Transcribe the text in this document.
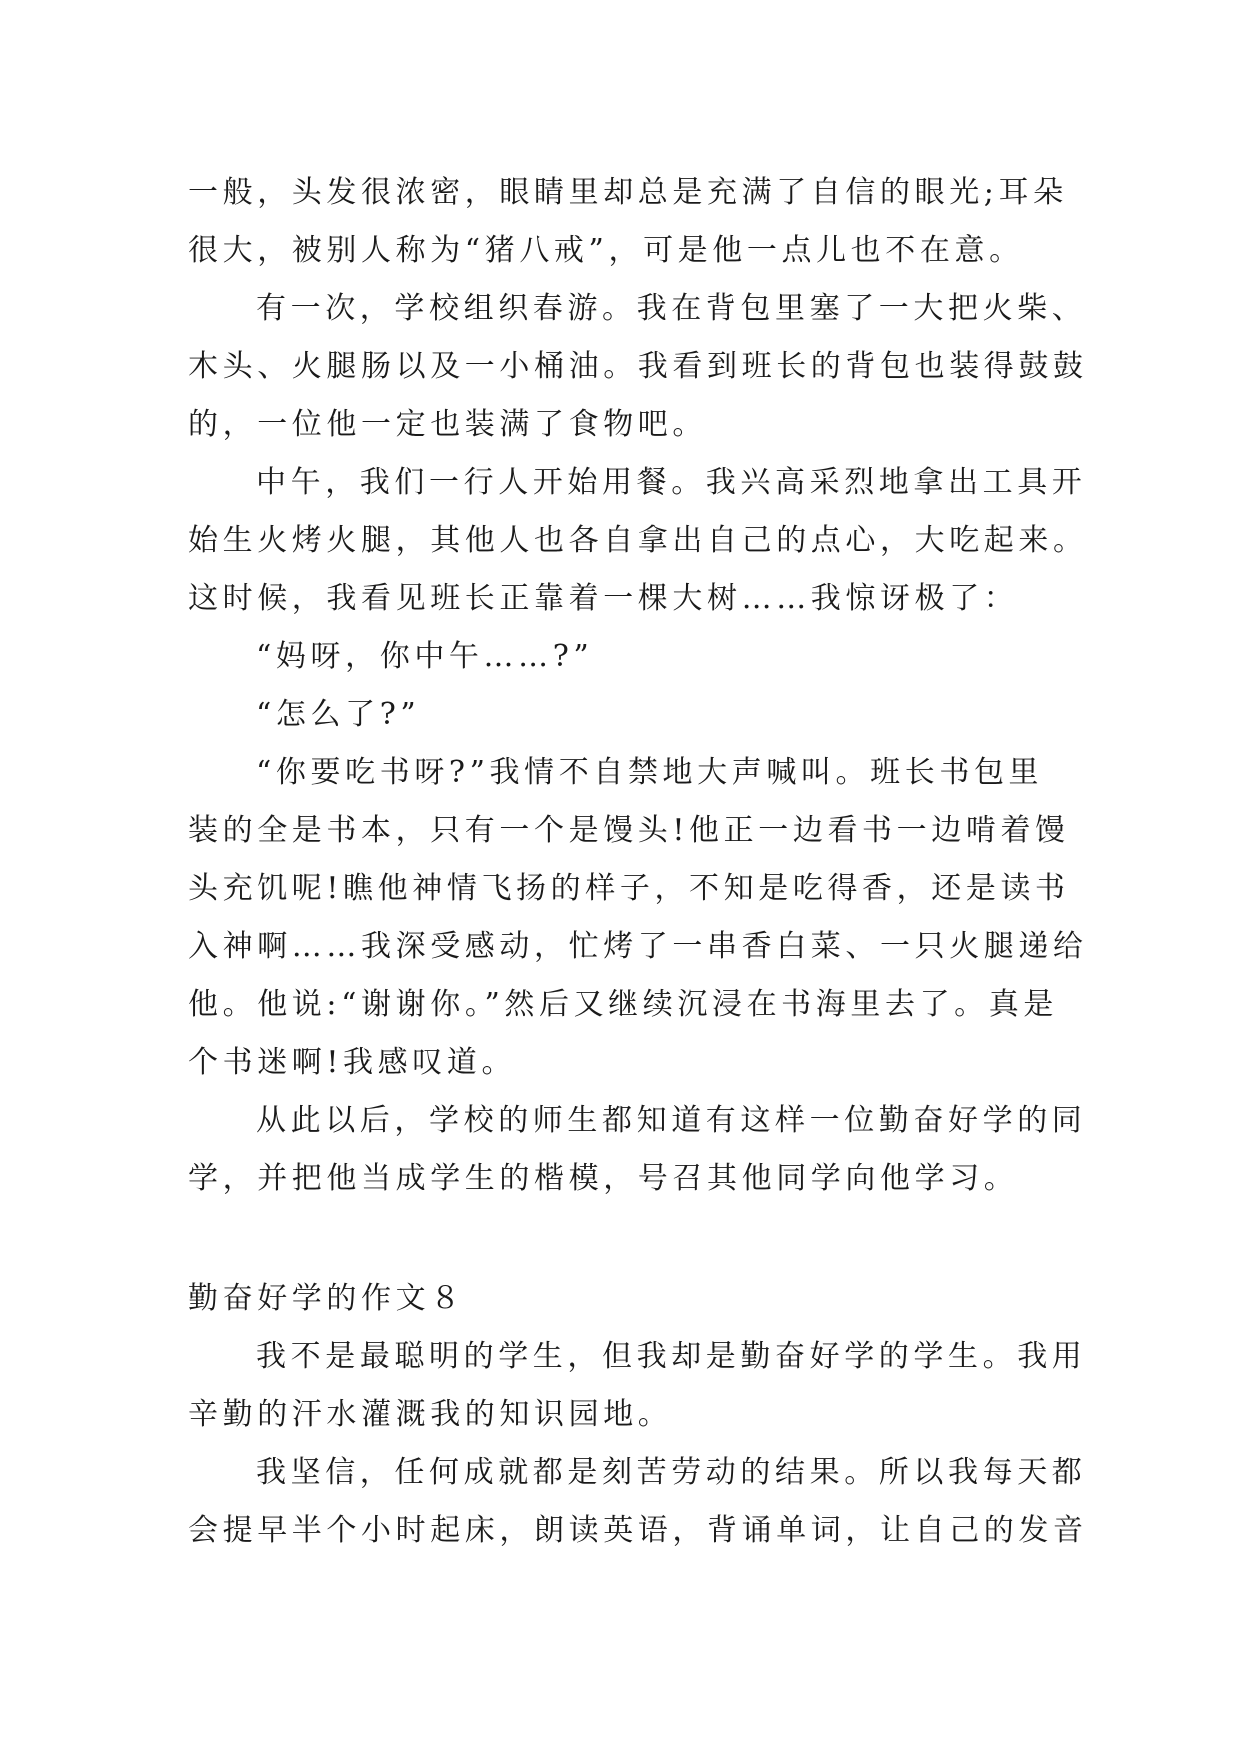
一般，头发很浓密，眼睛里却总是充满了自信的眼光;耳朵
很大，被别人称为“猪八戒”，可是他一点儿也不在意。
有一次，学校组织春游。我在背包里塞了一大把火柴、
木头、火腿肠以及一小桶油。我看到班长的背包也装得鼓鼓
的，一位他一定也装满了食物吧。
中午，我们一行人开始用餐。我兴高采烈地拿出工具开
始生火烤火腿，其他人也各自拿出自己的点心，大吃起来。
这时候，我看见班长正靠着一棵大树……我惊讶极了：
“妈呀，你中午……?”
“怎么了?”
“你要吃书呀?”我情不自禁地大声喊叫。班长书包里
装的全是书本，只有一个是馒头!他正一边看书一边啃着馒
头充饥呢!瞧他神情飞扬的样子，不知是吃得香，还是读书
入神啊……我深受感动，忙烤了一串香白菜、一只火腿递给
他。他说:“谢谢你。”然后又继续沉浸在书海里去了。真是
个书迷啊!我感叹道。
从此以后，学校的师生都知道有这样一位勤奋好学的同
学，并把他当成学生的楷模，号召其他同学向他学习。
勤奋好学的作文８
我不是最聪明的学生，但我却是勤奋好学的学生。我用
辛勤的汗水灌溉我的知识园地。
我坚信，任何成就都是刻苦劳动的结果。所以我每天都
会提早半个小时起床，朗读英语，背诵单词，让自己的发音
